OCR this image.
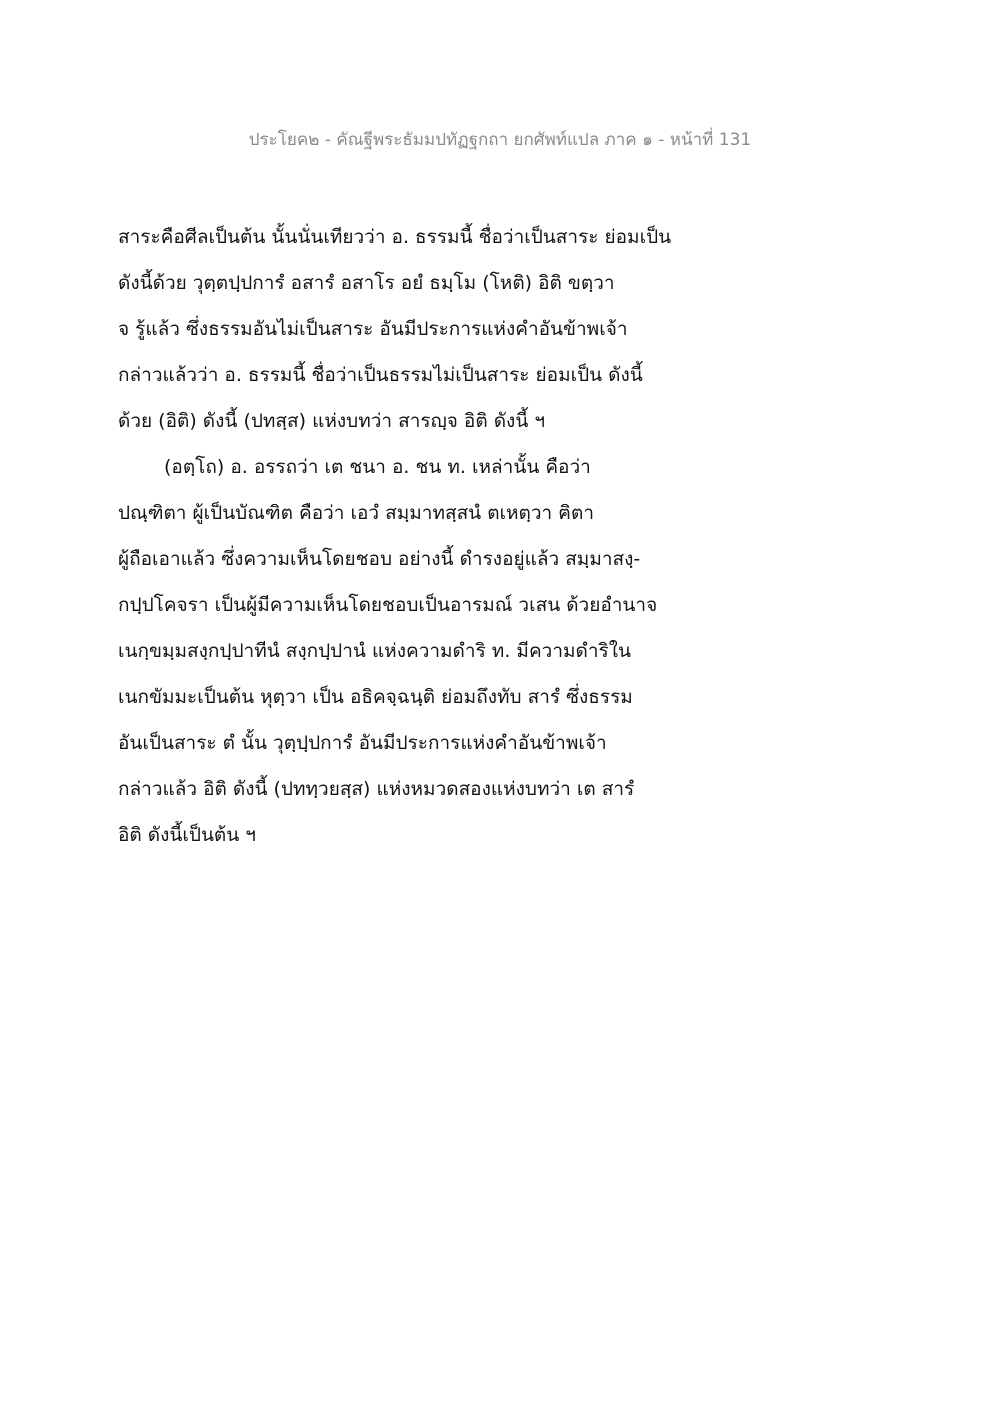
ประโยค๒ - คัณฐีพระธัมมปทัฏฐกถา ยกศัพท์แปล ภาค ๑ - หน้าที่ 131
สาระคือศีลเป็นต้น นั้นนั่นเทียวว่า อ. ธรรมนี้ ชื่อว่าเป็นสาระ ย่อมเป็น
ดังนี้ด้วย วุตฺตปฺปการํ อสารํ อสาโร อยํ ธมฺโม (โหติ) อิติ ขตฺวา
จ รู้แล้ว ซึ่งธรรมอันไม่เป็นสาระ อันมีประการแห่งคำอันข้าพเจ้า
กล่าวแล้วว่า อ. ธรรมนี้ ชื่อว่าเป็นธรรมไม่เป็นสาระ ย่อมเป็น ดังนี้
ด้วย (อิติ) ดังนี้ (ปทสฺส) แห่งบทว่า สารญฺจ อิติ ดังนี้ ฯ
(อตฺโถ) อ. อรรถว่า เต ชนา อ. ชน ท. เหล่านั้น คือว่า
ปณฺฑิตา ผู้เป็นบัณฑิต คือว่า เอวํ สมฺมาทสฺสนํ ตเหตฺวา ฅิตา
ผู้ถือเอาแล้ว ซึ่งความเห็นโดยชอบ อย่างนี้ ดำรงอยู่แล้ว สมฺมาสงฺ-
กปฺปโคจรา เป็นผู้มีความเห็นโดยชอบเป็นอารมณ์ วเสน ด้วยอำนาจ
เนกฺขมฺมสงฺกปฺปาทีนํ สงฺกปฺปานํ แห่งความดำริ ท. มีความดำริใน
เนกขัมมะเป็นต้น หุตฺวา เป็น อธิคจฺฉนฺติ ย่อมถึงทับ สารํ ซึ่งธรรม
อันเป็นสาระ ตํ นั้น วุตฺปฺปการํ อันมีประการแห่งคำอันข้าพเจ้า
กล่าวแล้ว อิติ ดังนี้ (ปททฺวยสฺส) แห่งหมวดสองแห่งบทว่า เต สารํ
อิติ ดังนี้เป็นต้น ฯ
